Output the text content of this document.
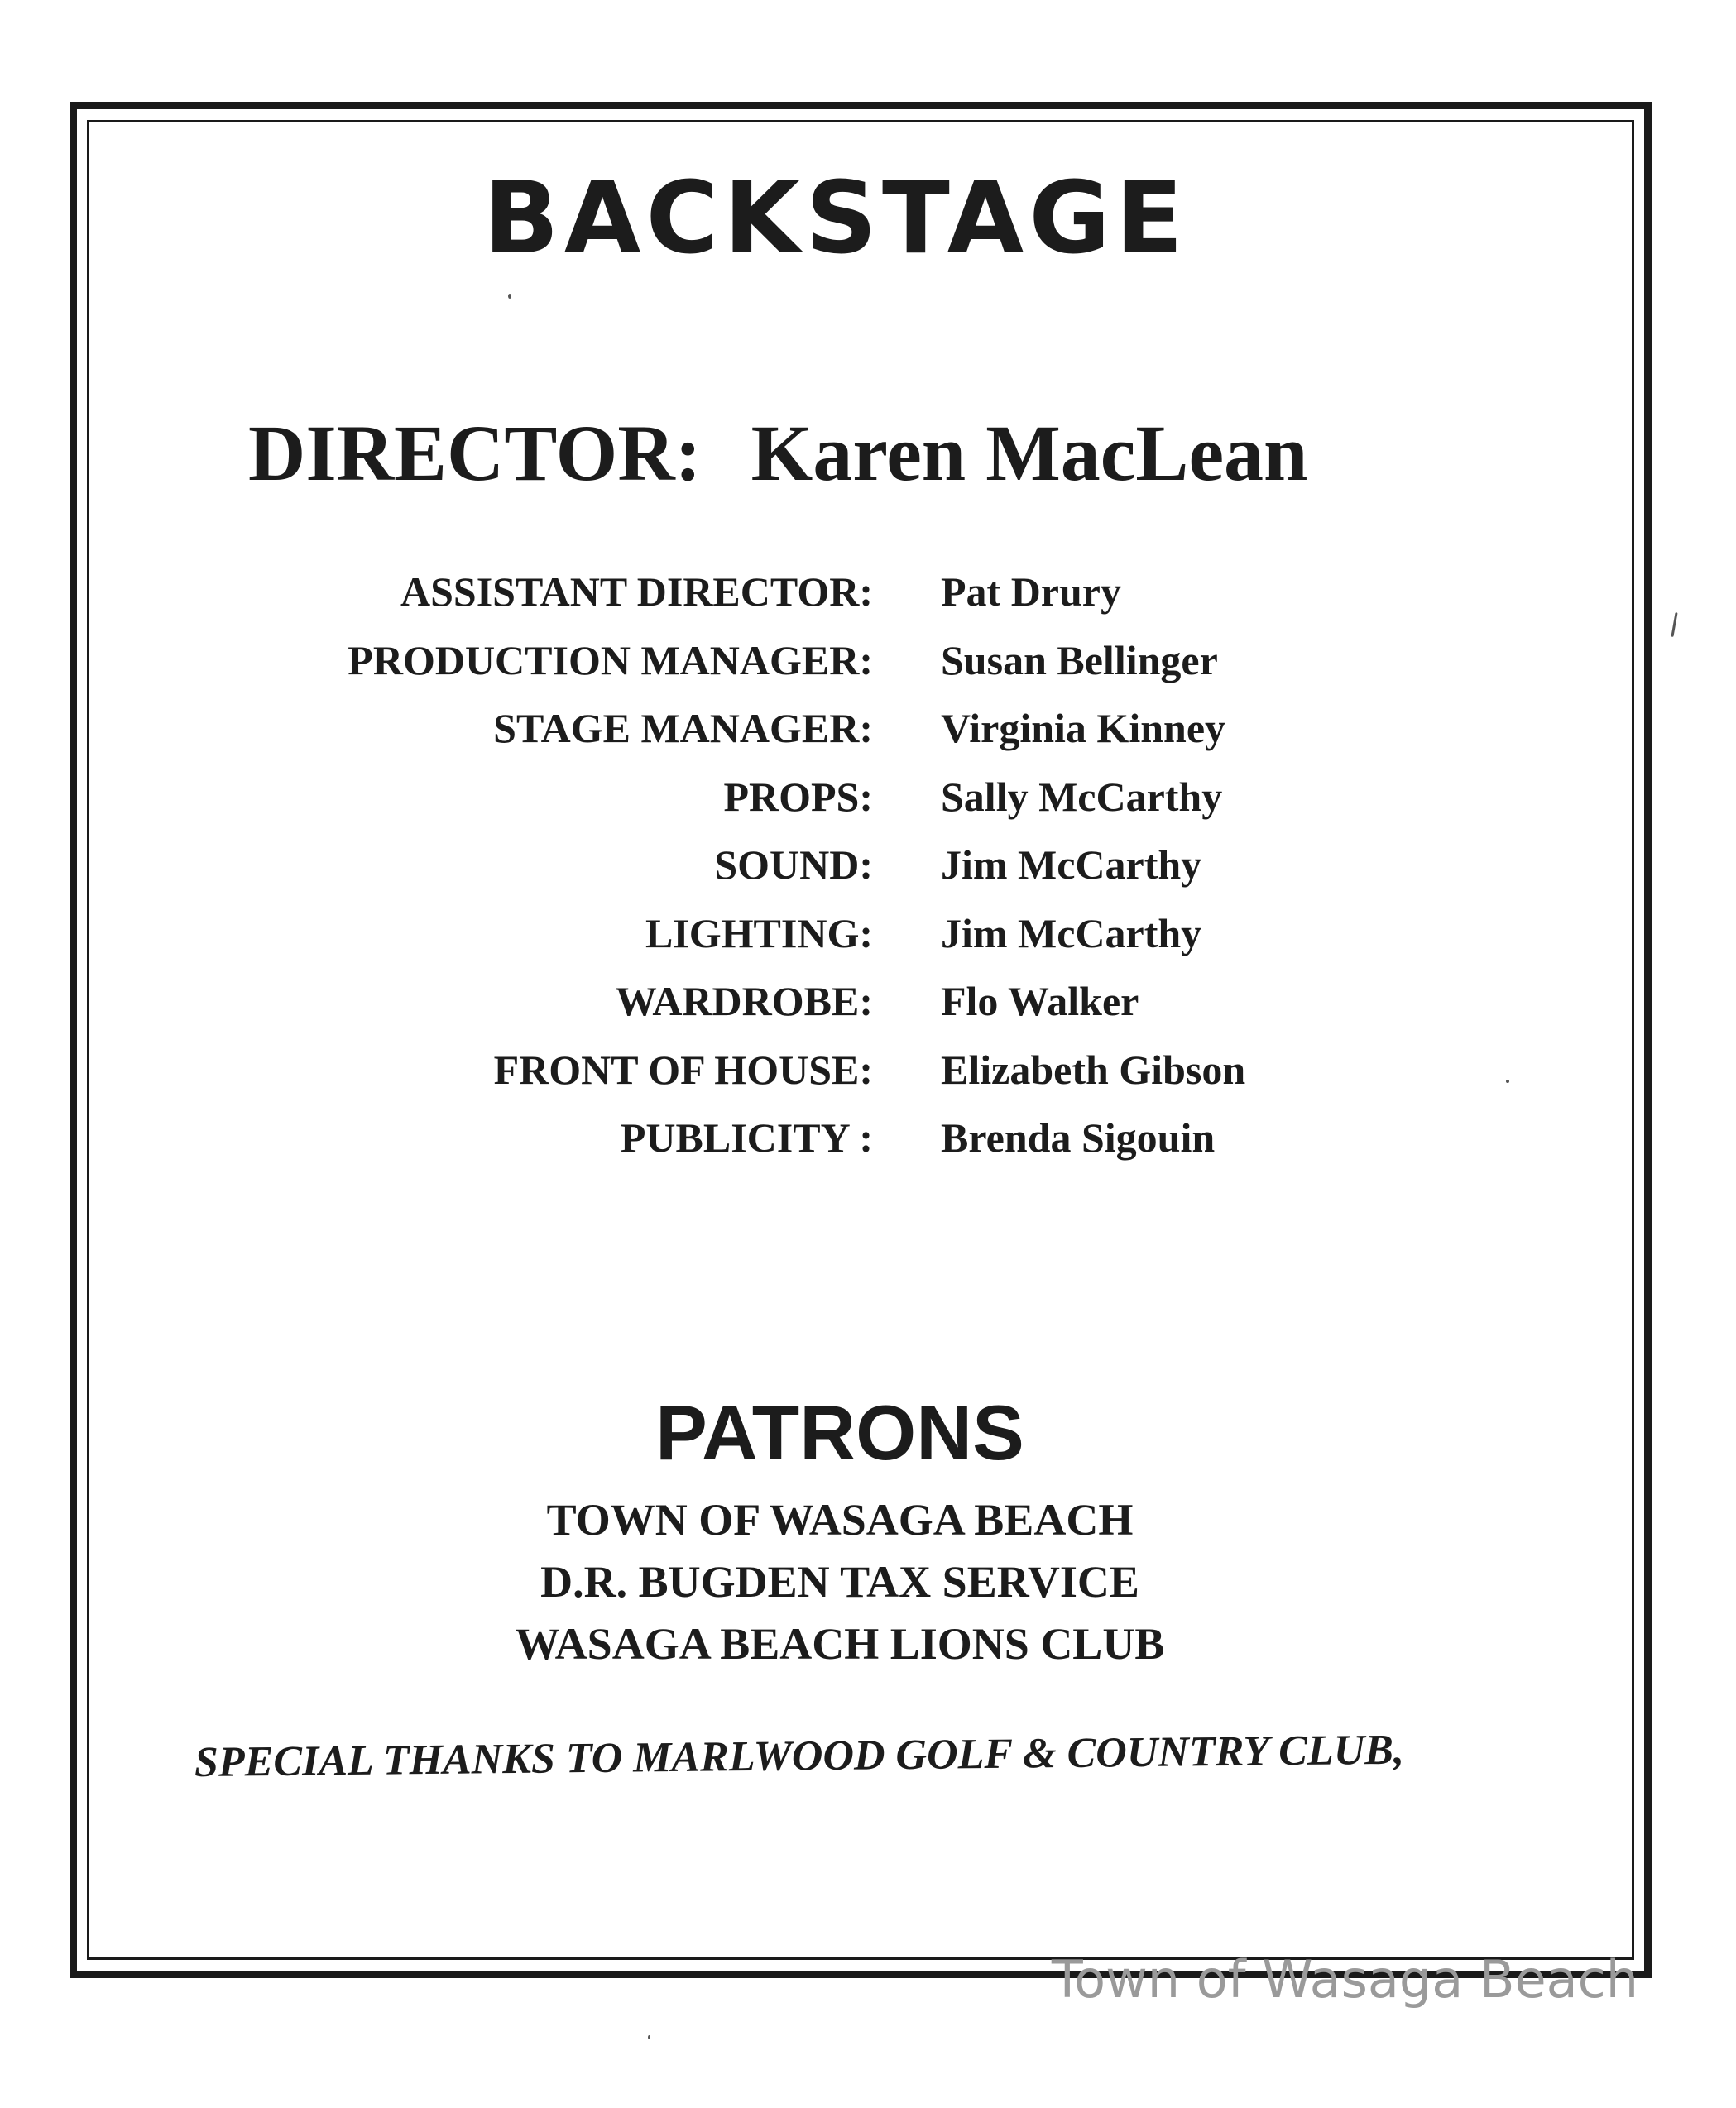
BACKSTAGE
DIRECTOR: Karen MacLean
ASSISTANT DIRECTOR: Pat Drury
PRODUCTION MANAGER: Susan Bellinger
STAGE MANAGER: Virginia Kinney
PROPS: Sally McCarthy
SOUND: Jim McCarthy
LIGHTING: Jim McCarthy
WARDROBE: Flo Walker
FRONT OF HOUSE: Elizabeth Gibson
PUBLICITY : Brenda Sigouin
PATRONS
TOWN OF WASAGA BEACH
D.R. BUGDEN TAX SERVICE
WASAGA BEACH LIONS CLUB
SPECIAL THANKS TO MARLWOOD GOLF & COUNTRY CLUB,
Town of Wasaga Beach
